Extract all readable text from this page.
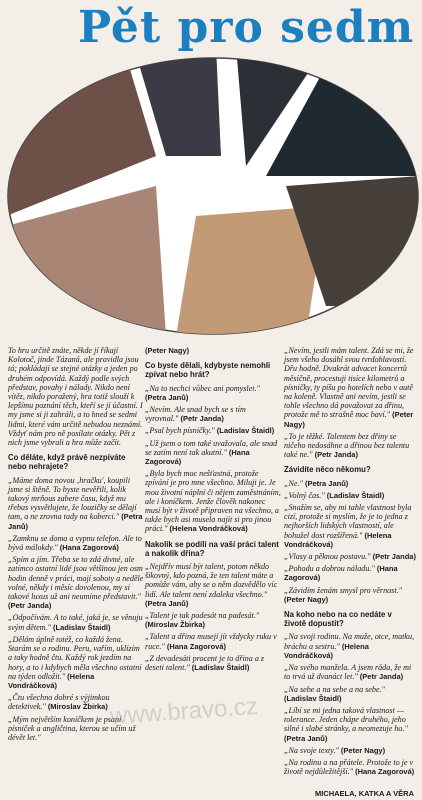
Pět pro sedm

To hru určitě znáte, někde jí říkají Kolotoč, jinde Tázaná, ale pravidla jsou tá; pokládají se stejné otázky a jeden po druhém odpovídá. Každý podle svých představ, povahy i nálady. Nikdo není vítěz, nikdo poražený, hra totiž slouží k lepšímu poznání těch, kteří se jí účastní. I my jsme si ji zahráli, a to hned se sedmi lidmi, které vám určitě nebudou neznámí. Vždyť nám pro ně posílate otázky. Pět z nich jsme vybrali a hra může začít.

Co děláte, když právě nezpíváte nebo nehrajete?

„Máme doma novou ‚hračku', koupili jsme si štěně. To byste nevěřili, kolik takový mrňous zabere času, když mu třebas vysvětlujete, že louzičky se dělají tam, a ne zrovna tady na koberci." (Petra Janů)

„Zamknu se doma a vypnu telefon. Ale to bývá málokdy." (Hana Zagorová)

„Spím a jím. Třeba se to zdá divné, ale zatímco ostatní lidé jsou většinou jen osm hodin denně v práci, mají soboty a neděle volné, někdy i měsíc dovolenou, my si takové luxus už ani neumíme představit." (Petr Janda)

„Odpočívám. A to také, jaká je, se věnuju svým dětem." (Ladislav Štaidl)

„Dělám úplně totéž, co každá žena. Starám se o rodinu. Peru, vařím, uklízím a taky hodně čtu. Každý rok jezdím na hory, a to i kdybych měla všechno ostatní na týden odložit." (Helena Vondráčková)

„Čtu všechno dobré s výjimkou detektivek." (Miroslav Žbirka)

„Mým největším koníčkem je psaní písniček a angličtina, kterou se učím už dévět let."

(Peter Nagy)

Co byste dělali, kdybyste nemohli zpívat nebo hrát?

„Na to nechci vůbec ani pomyslet." (Petra Janů)

„Nevím. Ale snad bych se s tím vyrovnal." (Petr Janda)

„Psal bych písničky." (Ladislav Štaidl)

„Už jsem o tom také uvažovala, ale snad se zatím není tak akutní." (Hana Zagorová)

„Byla bych moc nešťastná, protože zpívání je pro mne všechno. Miluji je. Je mou životní náplní či nějem zaměstnáním, ale i koníčkem. Jenže člověk nakonec musí být v životě připraven na všechno, a takže bych asi musela najít si pro jinou práci." (Helena Vondráčková)

Nakolik se podílí na vaší práci talent a nakolik dřina?

„Nejdřív musí být talent, potom někdo šikovný, kdo pozná, že ten talent máte a pomůže vám, aby se o něm dozvědělo víc lidí. Ale talent není zdaleka všechno." (Petra Janů)

„Talent je tak padesát na padesát." (Miroslav Žbirka)

„Talent a dřina musejí jít vždycky ruku v ruce." (Hana Zagorová)

„Z devadesáti procent je to dřina a z deseti talent." (Ladislav Štaidl)

„Nevím, jestli mám talent. Zdá se mi, že jsem všeho dosáhl svou tvrdohlavostí. Dřu hodně. Dvakrát advacet koncertů měsíčně, procestuji tisíce kilometrů a písničky, ty píšu po hotelích nebo v autě na koleně. Vlastně ani nevím, jestli se tohle všechno dá považovat za dřinu, protože mě to strašně moc baví." (Peter Nagy)

„To je těžké. Talentem bez dřiny se ničeho nedosáhne a dřinou bez talentu také ne." (Petr Janda)

Závidíte něco někomu?

„Ne." (Petra Janů)

„Volný čas." (Ladislav Štaidl)

„Snažím se, aby mi tahle vlastnost byla cizí, protože si myslím, že je to jedna z nejhorších lidských vlastností, ale bohužel dost rozšířená." (Helena Vondráčková)

„Vlasy a pěknou postavu." (Petr Janda)

„Pohodu a dobrou náladu." (Hana Zagorová)

„Závidím ženám smysl pro věrnost." (Peter Nagy)

Na koho nebo na co nedáte v životě dopustit?

„Na svoji rodinu. Na muže, otce, matku, bráchu a sestru." (Helena Vondráčková)

„Na svého manžela. A jsem ráda, že mi to trvá už dvanáct let." (Petr Janda)

„Na sebe a na sebe a na sebe." (Ladislav Štaidl)

„Líbí se mi jedna taková vlastnost — tolerance. Jeden chápe druhého, jeho silné i slabé stránky, a neomezuje ho." (Petra Janů)

„Na svoje texty." (Peter Nagy)

„Na rodinu a na přátele. Protože to je v životě nejdůležitější." (Hana Zagorová)

www.bravo.cz
MICHAELA, KATKA A VĚRA
